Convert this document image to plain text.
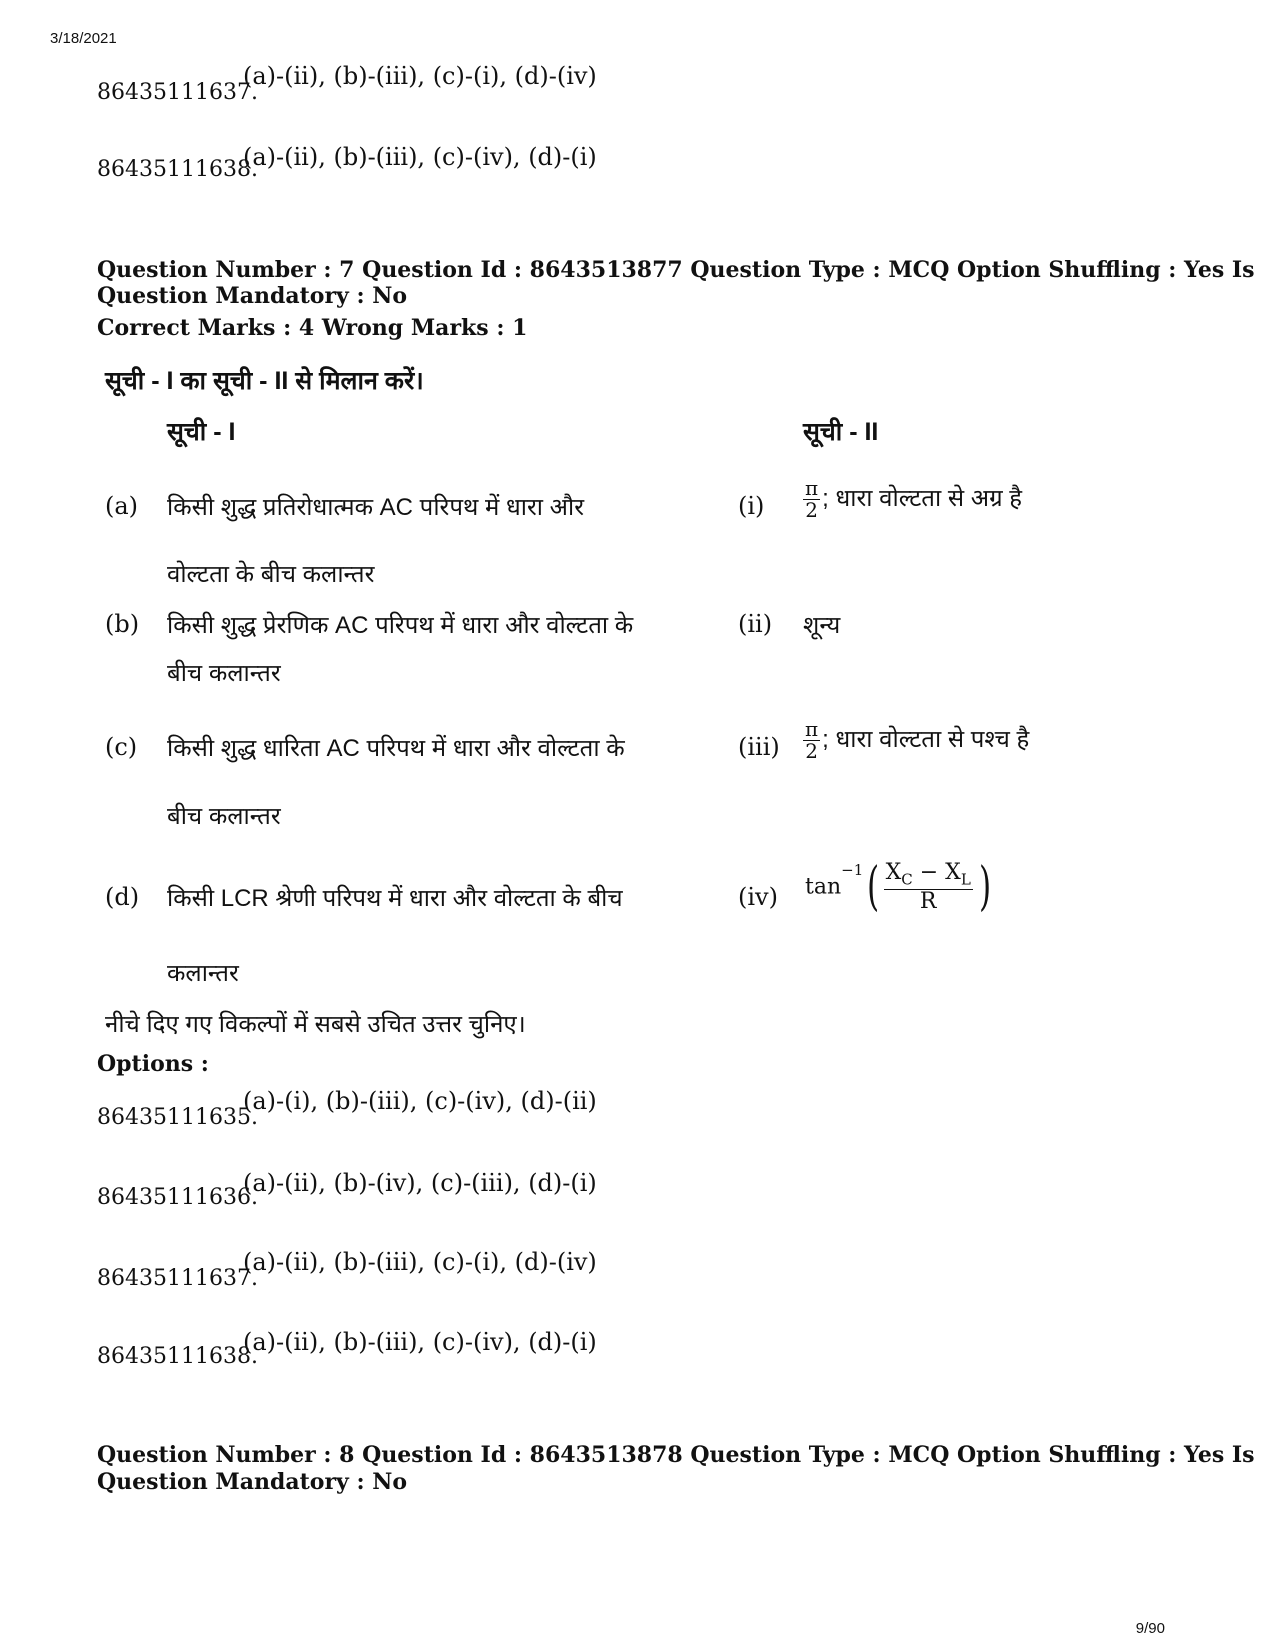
3/18/2021
86435111637.
(a)-(ii), (b)-(iii), (c)-(i), (d)-(iv)
86435111638.
(a)-(ii), (b)-(iii), (c)-(iv), (d)-(i)
Question Number : 7 Question Id : 8643513877 Question Type : MCQ Option Shuffling : Yes Is
Question Mandatory : No
Correct Marks : 4 Wrong Marks : 1
सूची - I का सूची - II से मिलान करें।
सूची - I	सूची - II
(a) किसी शुद्ध प्रतिरोधात्मक AC परिपथ में धारा और
वोल्टता के बीच कलान्तर
(b) किसी शुद्ध प्रेरणिक AC परिपथ में धारा और वोल्टता के
बीच कलान्तर
(c) किसी शुद्ध धारिता AC परिपथ में धारा और वोल्टता के
बीच कलान्तर
(d) किसी LCR श्रेणी परिपथ में धारा और वोल्टता के बीच
कलान्तर
$(i) \frac{\pi}{2}$ ; धारा वोल्टता से अग्र है
(ii) शून्य
$(iii) \frac{\pi}{2}$ ; धारा वोल्टता से पश्च है
(iv) $\tan^{-1}( \frac{X_C - X_L}{R}$ )
नीचे दिए गए विकल्पों में सबसे उचित उत्तर चुनिए।
Options :
86435111635.
(a)-(i), (b)-(iii), (c)-(iv), (d)-(ii)
86435111636.
(a)-(ii), (b)-(iv), (c)-(iii), (d)-(i)
86435111637.
(a)-(ii), (b)-(iii), (c)-(i), (d)-(iv)
86435111638.
(a)-(ii), (b)-(iii), (c)-(iv), (d)-(i)
Question Number : 8 Question Id : 8643513878 Question Type : MCQ Option Shuffling : Yes Is
Question Mandatory : No
9/90
